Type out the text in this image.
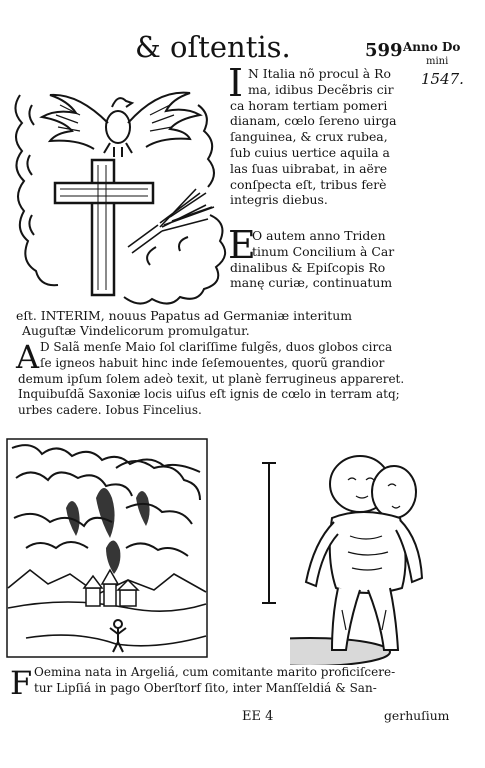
& oſtentis.	599 Anno Do
mini
1547.
I N Italia nõ procul à Ro
ma, idibus Decẽbris cir
ca horam tertiam pomeri
dianam, cœlo ſereno uirga
ſanguinea, & crux rubea,
ſub cuius uertice aquila a
las ſuas uibrabat, in aëre
conſpecta eſt, tribus ferè
integris diebus.
E
O autem anno Triden
tinum Concilium à Car
dinalibus & Epiſcopis Ro
manę curiæ, continuatum
eſt. INTERIM, nouus Papatus ad Germaniæ interitum
Auguſtæ Vindelicorum promulgatur.
A D Salã menſe Maio ſol clariſſime fulgẽs, duos globos circa
ſe igneos habuit hinc inde ſeſemouentes, quorũ grandior
demum ipſum ſolem adeò texit, ut planè ferrugineus appareret.
Inquibuſdã Saxoniæ locis uiſus eſt ignis de cœlo in terram atq;
urbes cadere. Iobus Fincelius.
F Oemina nata in Argeliá, cum comitante marito proficiſcere-
tur Lipſiá in pago Oberſtorf ſito, inter Manſſeldiá & San-
EE 4	gerhuſium
